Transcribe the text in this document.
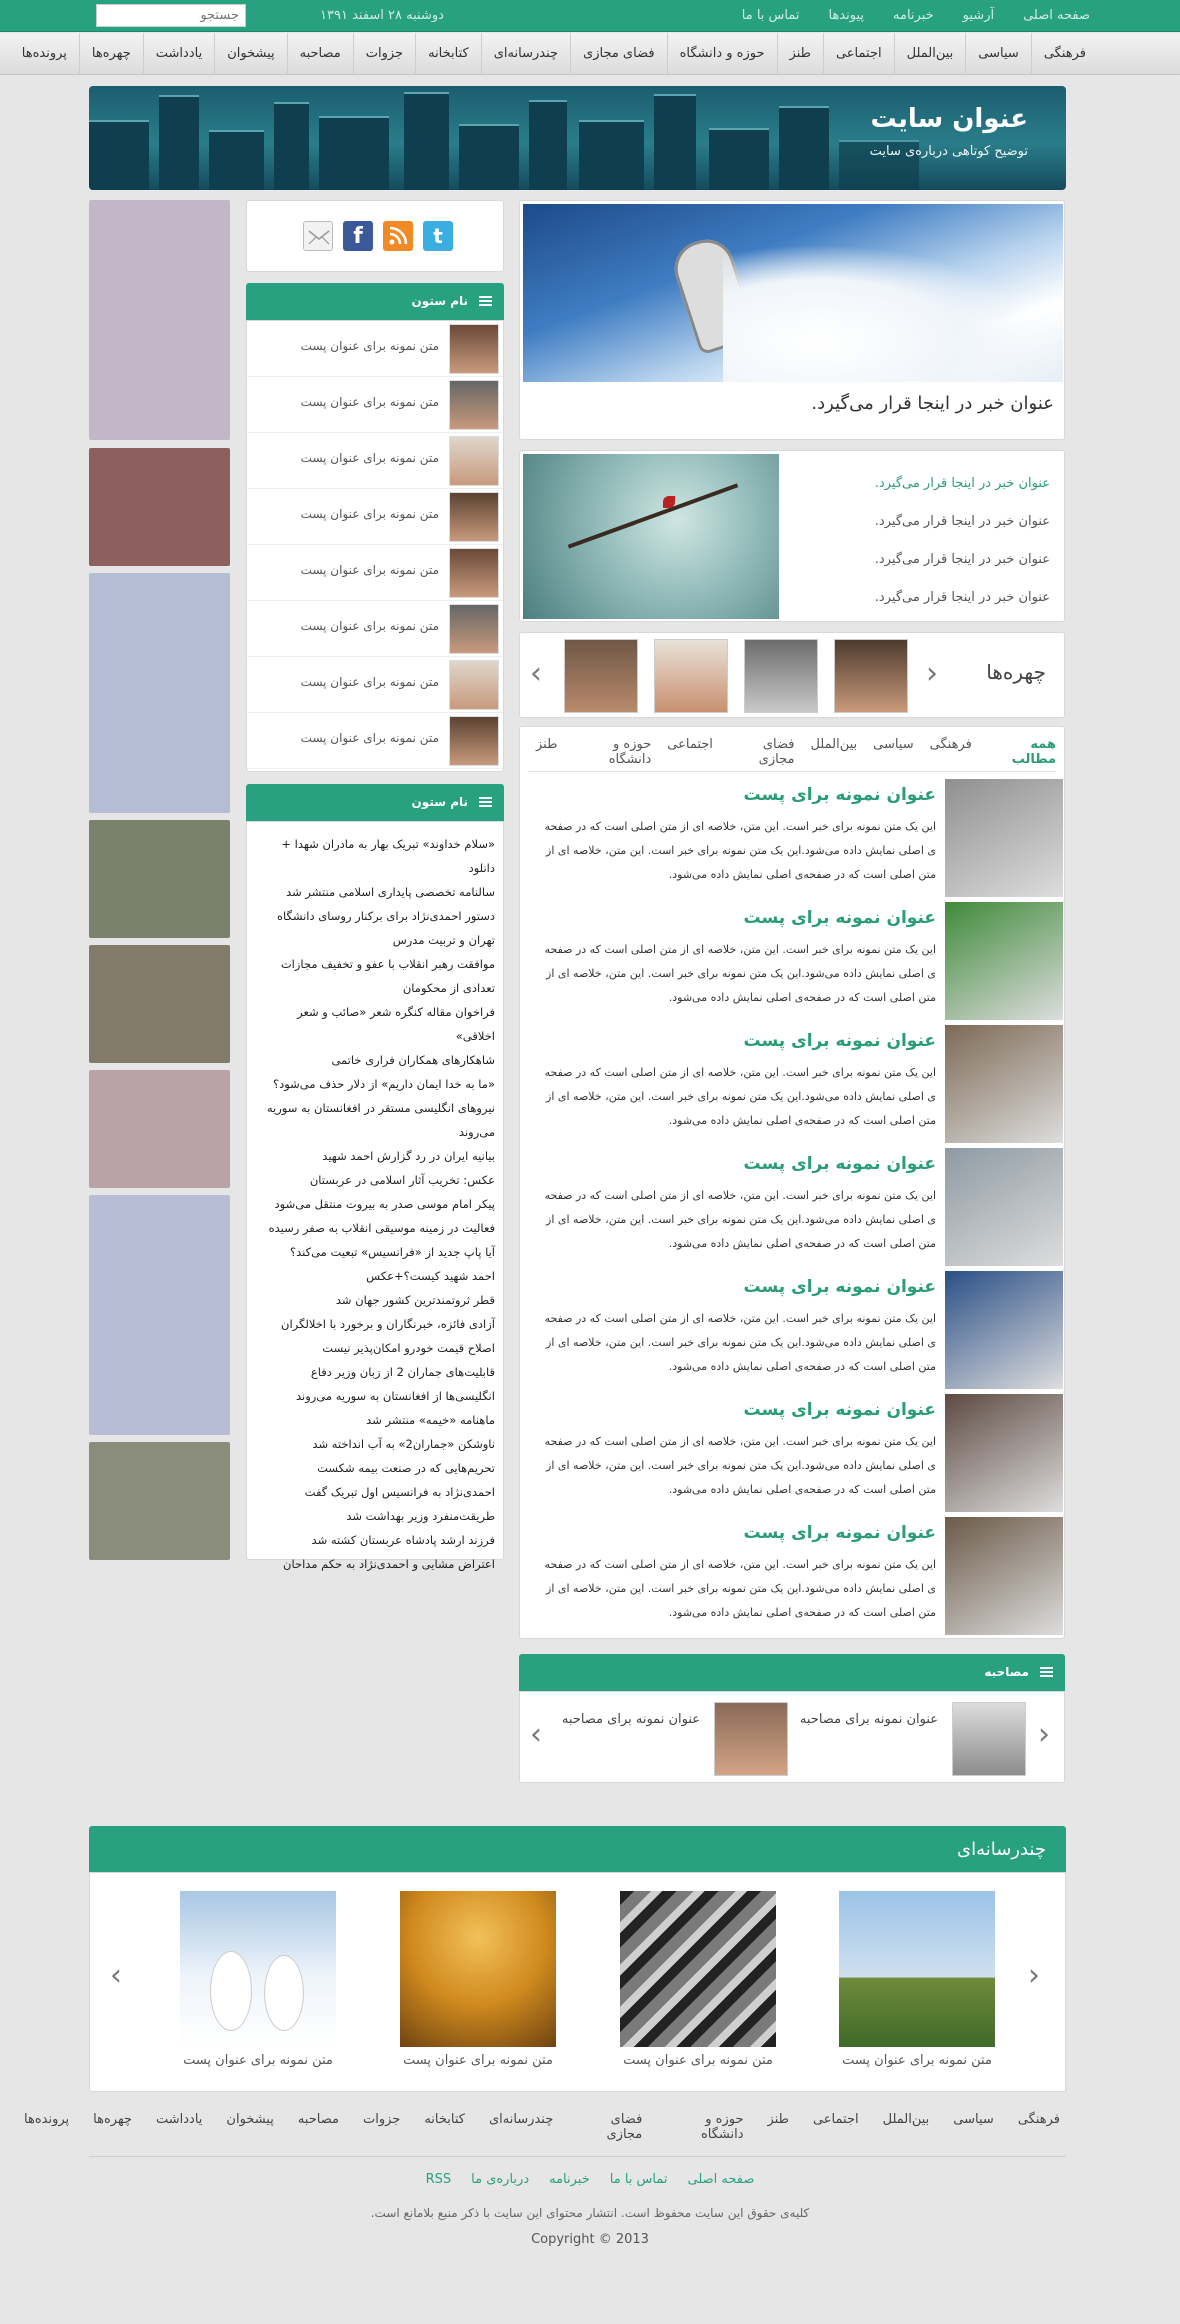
صفحه اصلی
آرشیو
خبرنامه
پیوندها
تماس با ما
دوشنبه ۲۸ اسفند ۱۳۹۱
جستجو
فرهنگی
سیاسی
بین‌الملل
اجتماعی
طنز
حوزه و دانشگاه
فضای مجازی
چندرسانه‌ای
کتابخانه
جزوات
مصاحبه
پیشخوان
یادداشت
چهره‌ها
پرونده‌ها
عنوان سایت
توضیح کوتاهی درباره‌ی سایت
f	t
نام ستون
متن نمونه برای عنوان پست
متن نمونه برای عنوان پست
متن نمونه برای عنوان پست
متن نمونه برای عنوان پست
متن نمونه برای عنوان پست
متن نمونه برای عنوان پست
متن نمونه برای عنوان پست
متن نمونه برای عنوان پست
نام ستون
«سلام خداوند» تبریک بهار به مادران شهدا + دانلود
سالنامه تخصصی پایداری اسلامی منتشر شد
دستور احمدی‌نژاد برای برکنار روسای دانشگاه تهران و تربیت مدرس
موافقت رهبر انقلاب با عفو و تخفیف مجازات تعدادی از محکومان
فراخوان مقاله کنگره شعر «صائب و شعر اخلاقی»
شاهکارهای همکاران فراری خاتمی
«ما به خدا ایمان داریم» از دلار حذف می‌شود؟
نیروهای انگلیسی مستقر در افغانستان به سوریه می‌روند
بیانیه ایران در رد گزارش احمد شهید
عکس: تخریب آثار اسلامی در عربستان
پیکر امام موسی صدر به بیروت منتقل می‌شود
فعالیت در زمینه موسیقی انقلاب به صفر رسیده
آیا پاپ جدید از «فرانسیس» تبعیت می‌کند؟
احمد شهید کیست؟+عکس
قطر ثروتمندترین کشور جهان شد
آزادی فائزه، خبرنگاران و برخورد با اخلالگران
اصلاح قیمت خودرو امکان‌پذیر نیست
قابلیت‌های جماران 2 از زبان وزیر دفاع
انگلیسی‌ها از افغانستان به سوریه می‌روند
ماهنامه «خیمه» منتشر شد
ناوشکن «جماران2» به آب انداخته شد
تحریم‌هایی که در صنعت بیمه شکست
احمدی‌نژاد به فرانسیس اول تبریک گفت
طریقت‌منفرد وزیر بهداشت شد
فرزند ارشد پادشاه عربستان کشته شد
اعتراض مشایی و احمدی‌نژاد به حکم مداحان
عنوان خبر در اینجا قرار می‌گیرد.
عنوان خبر در اینجا قرار می‌گیرد.
عنوان خبر در اینجا قرار می‌گیرد.
عنوان خبر در اینجا قرار می‌گیرد.
عنوان خبر در اینجا قرار می‌گیرد.
چهره‌ها
›
‹
همه مطالب
فرهنگی
سیاسی
بین‌الملل
فضای مجازی
اجتماعی
حوزه و دانشگاه
طنز
عنوان نمونه برای پست
این یک متن نمونه برای خبر است. این متن، خلاصه ای از متن اصلی است که در صفحه ی اصلی نمایش داده می‌شود.این یک متن نمونه برای خبر است. این متن، خلاصه ای از متن اصلی است که در صفحه‌ی اصلی نمایش داده می‌شود.
عنوان نمونه برای پست
این یک متن نمونه برای خبر است. این متن، خلاصه ای از متن اصلی است که در صفحه ی اصلی نمایش داده می‌شود.این یک متن نمونه برای خبر است. این متن، خلاصه ای از متن اصلی است که در صفحه‌ی اصلی نمایش داده می‌شود.
عنوان نمونه برای پست
این یک متن نمونه برای خبر است. این متن، خلاصه ای از متن اصلی است که در صفحه ی اصلی نمایش داده می‌شود.این یک متن نمونه برای خبر است. این متن، خلاصه ای از متن اصلی است که در صفحه‌ی اصلی نمایش داده می‌شود.
عنوان نمونه برای پست
این یک متن نمونه برای خبر است. این متن، خلاصه ای از متن اصلی است که در صفحه ی اصلی نمایش داده می‌شود.این یک متن نمونه برای خبر است. این متن، خلاصه ای از متن اصلی است که در صفحه‌ی اصلی نمایش داده می‌شود.
عنوان نمونه برای پست
این یک متن نمونه برای خبر است. این متن، خلاصه ای از متن اصلی است که در صفحه ی اصلی نمایش داده می‌شود.این یک متن نمونه برای خبر است. این متن، خلاصه ای از متن اصلی است که در صفحه‌ی اصلی نمایش داده می‌شود.
عنوان نمونه برای پست
این یک متن نمونه برای خبر است. این متن، خلاصه ای از متن اصلی است که در صفحه ی اصلی نمایش داده می‌شود.این یک متن نمونه برای خبر است. این متن، خلاصه ای از متن اصلی است که در صفحه‌ی اصلی نمایش داده می‌شود.
عنوان نمونه برای پست
این یک متن نمونه برای خبر است. این متن، خلاصه ای از متن اصلی است که در صفحه ی اصلی نمایش داده می‌شود.این یک متن نمونه برای خبر است. این متن، خلاصه ای از متن اصلی است که در صفحه‌ی اصلی نمایش داده می‌شود.
مصاحبه
›
‹	عنوان نمونه برای مصاحبه
عنوان نمونه برای مصاحبه
چندرسانه‌ای
›
‹
متن نمونه برای عنوان پست
متن نمونه برای عنوان پست
متن نمونه برای عنوان پست
متن نمونه برای عنوان پست
فرهنگی
سیاسی
بین‌الملل
اجتماعی
طنز
حوزه و دانشگاه
فضای مجازی
چندرسانه‌ای
کتابخانه
جزوات
مصاحبه
پیشخوان
یادداشت
چهره‌ها
پرونده‌ها
صفحه اصلی
تماس با ما
خبرنامه
درباره‌ی ما
RSS
کلیه‌ی حقوق این سایت محفوظ است. انتشار محتوای این سایت با ذکر منبع بلامانع است.
Copyright © 2013
